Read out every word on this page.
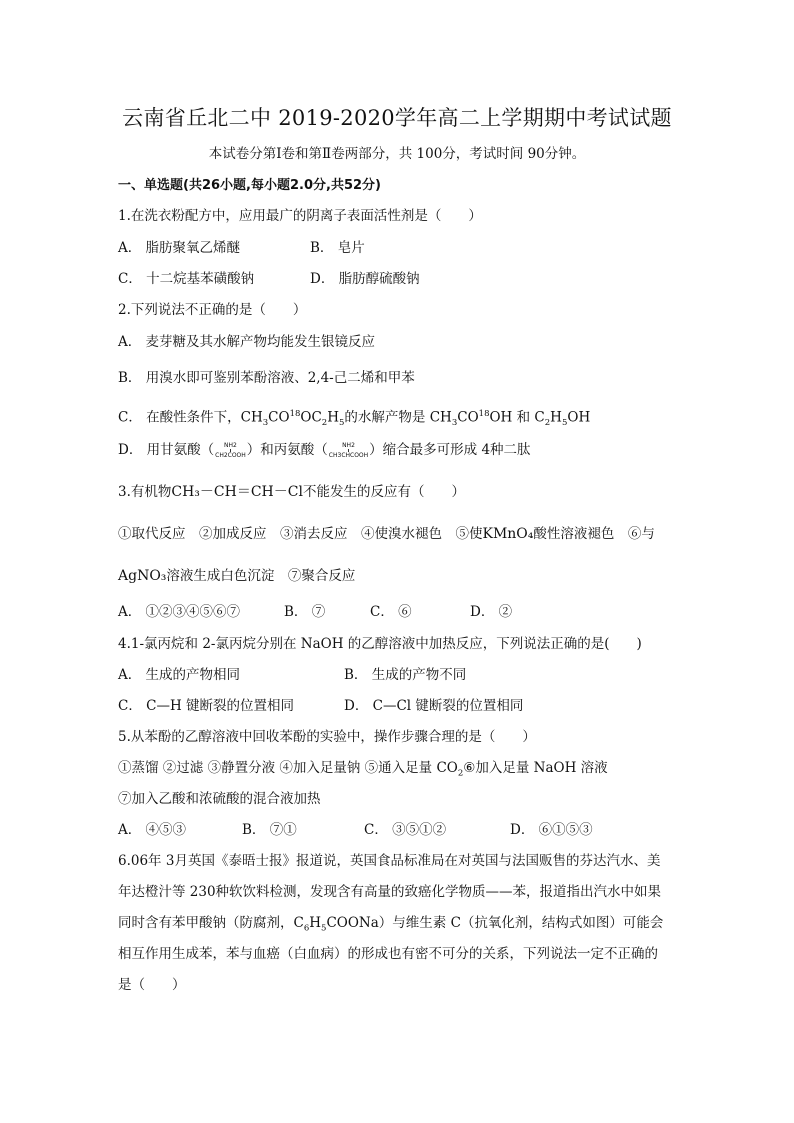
云南省丘北二中 2019-2020学年高二上学期期中考试试题
本试卷分第Ⅰ卷和第Ⅱ卷两部分，共 100分，考试时间 90分钟。
一、单选题(共26小题,每小题2.0分,共52分)
1.在洗衣粉配方中，应用最广的阴离子表面活性剂是（　　）
A． 脂肪聚氧乙烯醚	B． 皂片
C． 十二烷基苯磺酸钠	D． 脂肪醇硫酸钠
2.下列说法不正确的是（　　）
A． 麦芽糖及其水解产物均能发生银镜反应
B． 用溴水即可鉴别苯酚溶液、2,4-己二烯和甲苯
C． 在酸性条件下，$CH_3CO^{18}OC_2H_5$的水解产物是 $CH_3CO^{18}OH$ 和 $C_2H_5OH$
D． 用甘氨酸（ NH2
CH2COOH）和丙氨酸（ NH2
CH3CHCOOH）缩合最多可形成 4种二肽
3.有机物CH₃－CH＝CH－Cl不能发生的反应有（　　）
①取代反应　②加成反应　③消去反应　④使溴水褪色　⑤使KMnO₄酸性溶液褪色　⑥与
AgNO₃溶液生成白色沉淀　⑦聚合反应
A． ①②③④⑤⑥⑦	B． ⑦	C． ⑥	D． ②
4.1-氯丙烷和 2-氯丙烷分别在 NaOH 的乙醇溶液中加热反应，下列说法正确的是(　　)
A． 生成的产物相同	B． 生成的产物不同
C． C—H 键断裂的位置相同	D． C—Cl 键断裂的位置相同
5.从苯酚的乙醇溶液中回收苯酚的实验中，操作步骤合理的是（　　）
①蒸馏 ②过滤 ③静置分液 ④加入足量钠 ⑤通入足量 $CO_2⑥$加入足量 NaOH 溶液
⑦加入乙酸和浓硫酸的混合液加热
A． ④⑤③	B． ⑦①	C． ③⑤①②	D． ⑥①⑤③
6.06年 3月英国《泰晤士报》报道说，英国食品标准局在对英国与法国贩售的芬达汽水、美
年达橙汁等 230种软饮料检测，发现含有高量的致癌化学物质——苯，报道指出汽水中如果
同时含有苯甲酸钠（防腐剂，$C_6H_5COONa$）与维生素 C（抗氧化剂，结构式如图）可能会
相互作用生成苯，苯与血癌（白血病）的形成也有密不可分的关系，下列说法一定不正确的
是（　　）
